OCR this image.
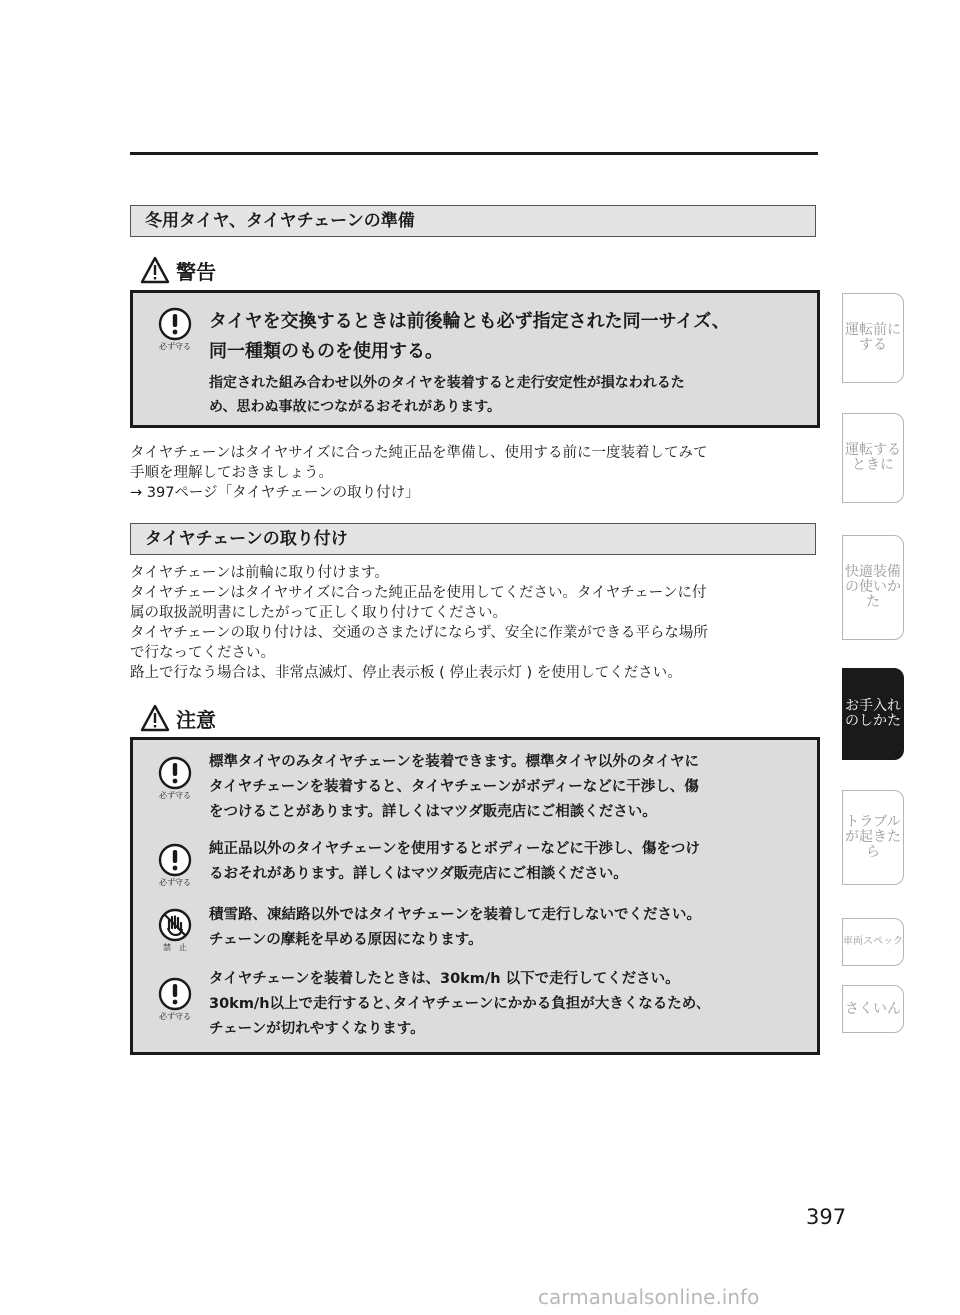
冬用タイヤ、タイヤチェーンの準備
警告
必ず守る
タイヤを交換するときは前後輪とも必ず指定された同一サイズ、
同一種類のものを使用する。
指定された組み合わせ以外のタイヤを装着すると走行安定性が損なわれるた
め、思わぬ事故につながるおそれがあります。
タイヤチェーンはタイヤサイズに合った純正品を準備し、使用する前に一度装着してみて
手順を理解しておきましょう。
→ 397ページ「タイヤチェーンの取り付け」
タイヤチェーンの取り付け
タイヤチェーンは前輪に取り付けます。
タイヤチェーンはタイヤサイズに合った純正品を使用してください。タイヤチェーンに付
属の取扱説明書にしたがって正しく取り付けてください。
タイヤチェーンの取り付けは、交通のさまたげにならず、安全に作業ができる平らな場所
で行なってください。
路上で行なう場合は、非常点滅灯、停止表示板 ( 停止表示灯 ) を使用してください。
注意
必ず守る
標準タイヤのみタイヤチェーンを装着できます。標準タイヤ以外のタイヤに
タイヤチェーンを装着すると、タイヤチェーンがボディーなどに干渉し、傷
をつけることがあります。詳しくはマツダ販売店にご相談ください。
必ず守る
純正品以外のタイヤチェーンを使用するとボディーなどに干渉し、傷をつけ
るおそれがあります。詳しくはマツダ販売店にご相談ください。
禁　止
積雪路、凍結路以外ではタイヤチェーンを装着して走行しないでください。
チェーンの摩耗を早める原因になります。
必ず守る
タイヤチェーンを装着したときは、30km/h 以下で走行してください。
30km/h以上で走行すると､タイヤチェーンにかかる負担が大きくなるため､
チェーンが切れやすくなります。
運転前にする
運転するときに
快適装備の使いかた
お手入れのしかた
トラブルが起きたら
車両スペック
さくいん
397
carmanualsonline.info
